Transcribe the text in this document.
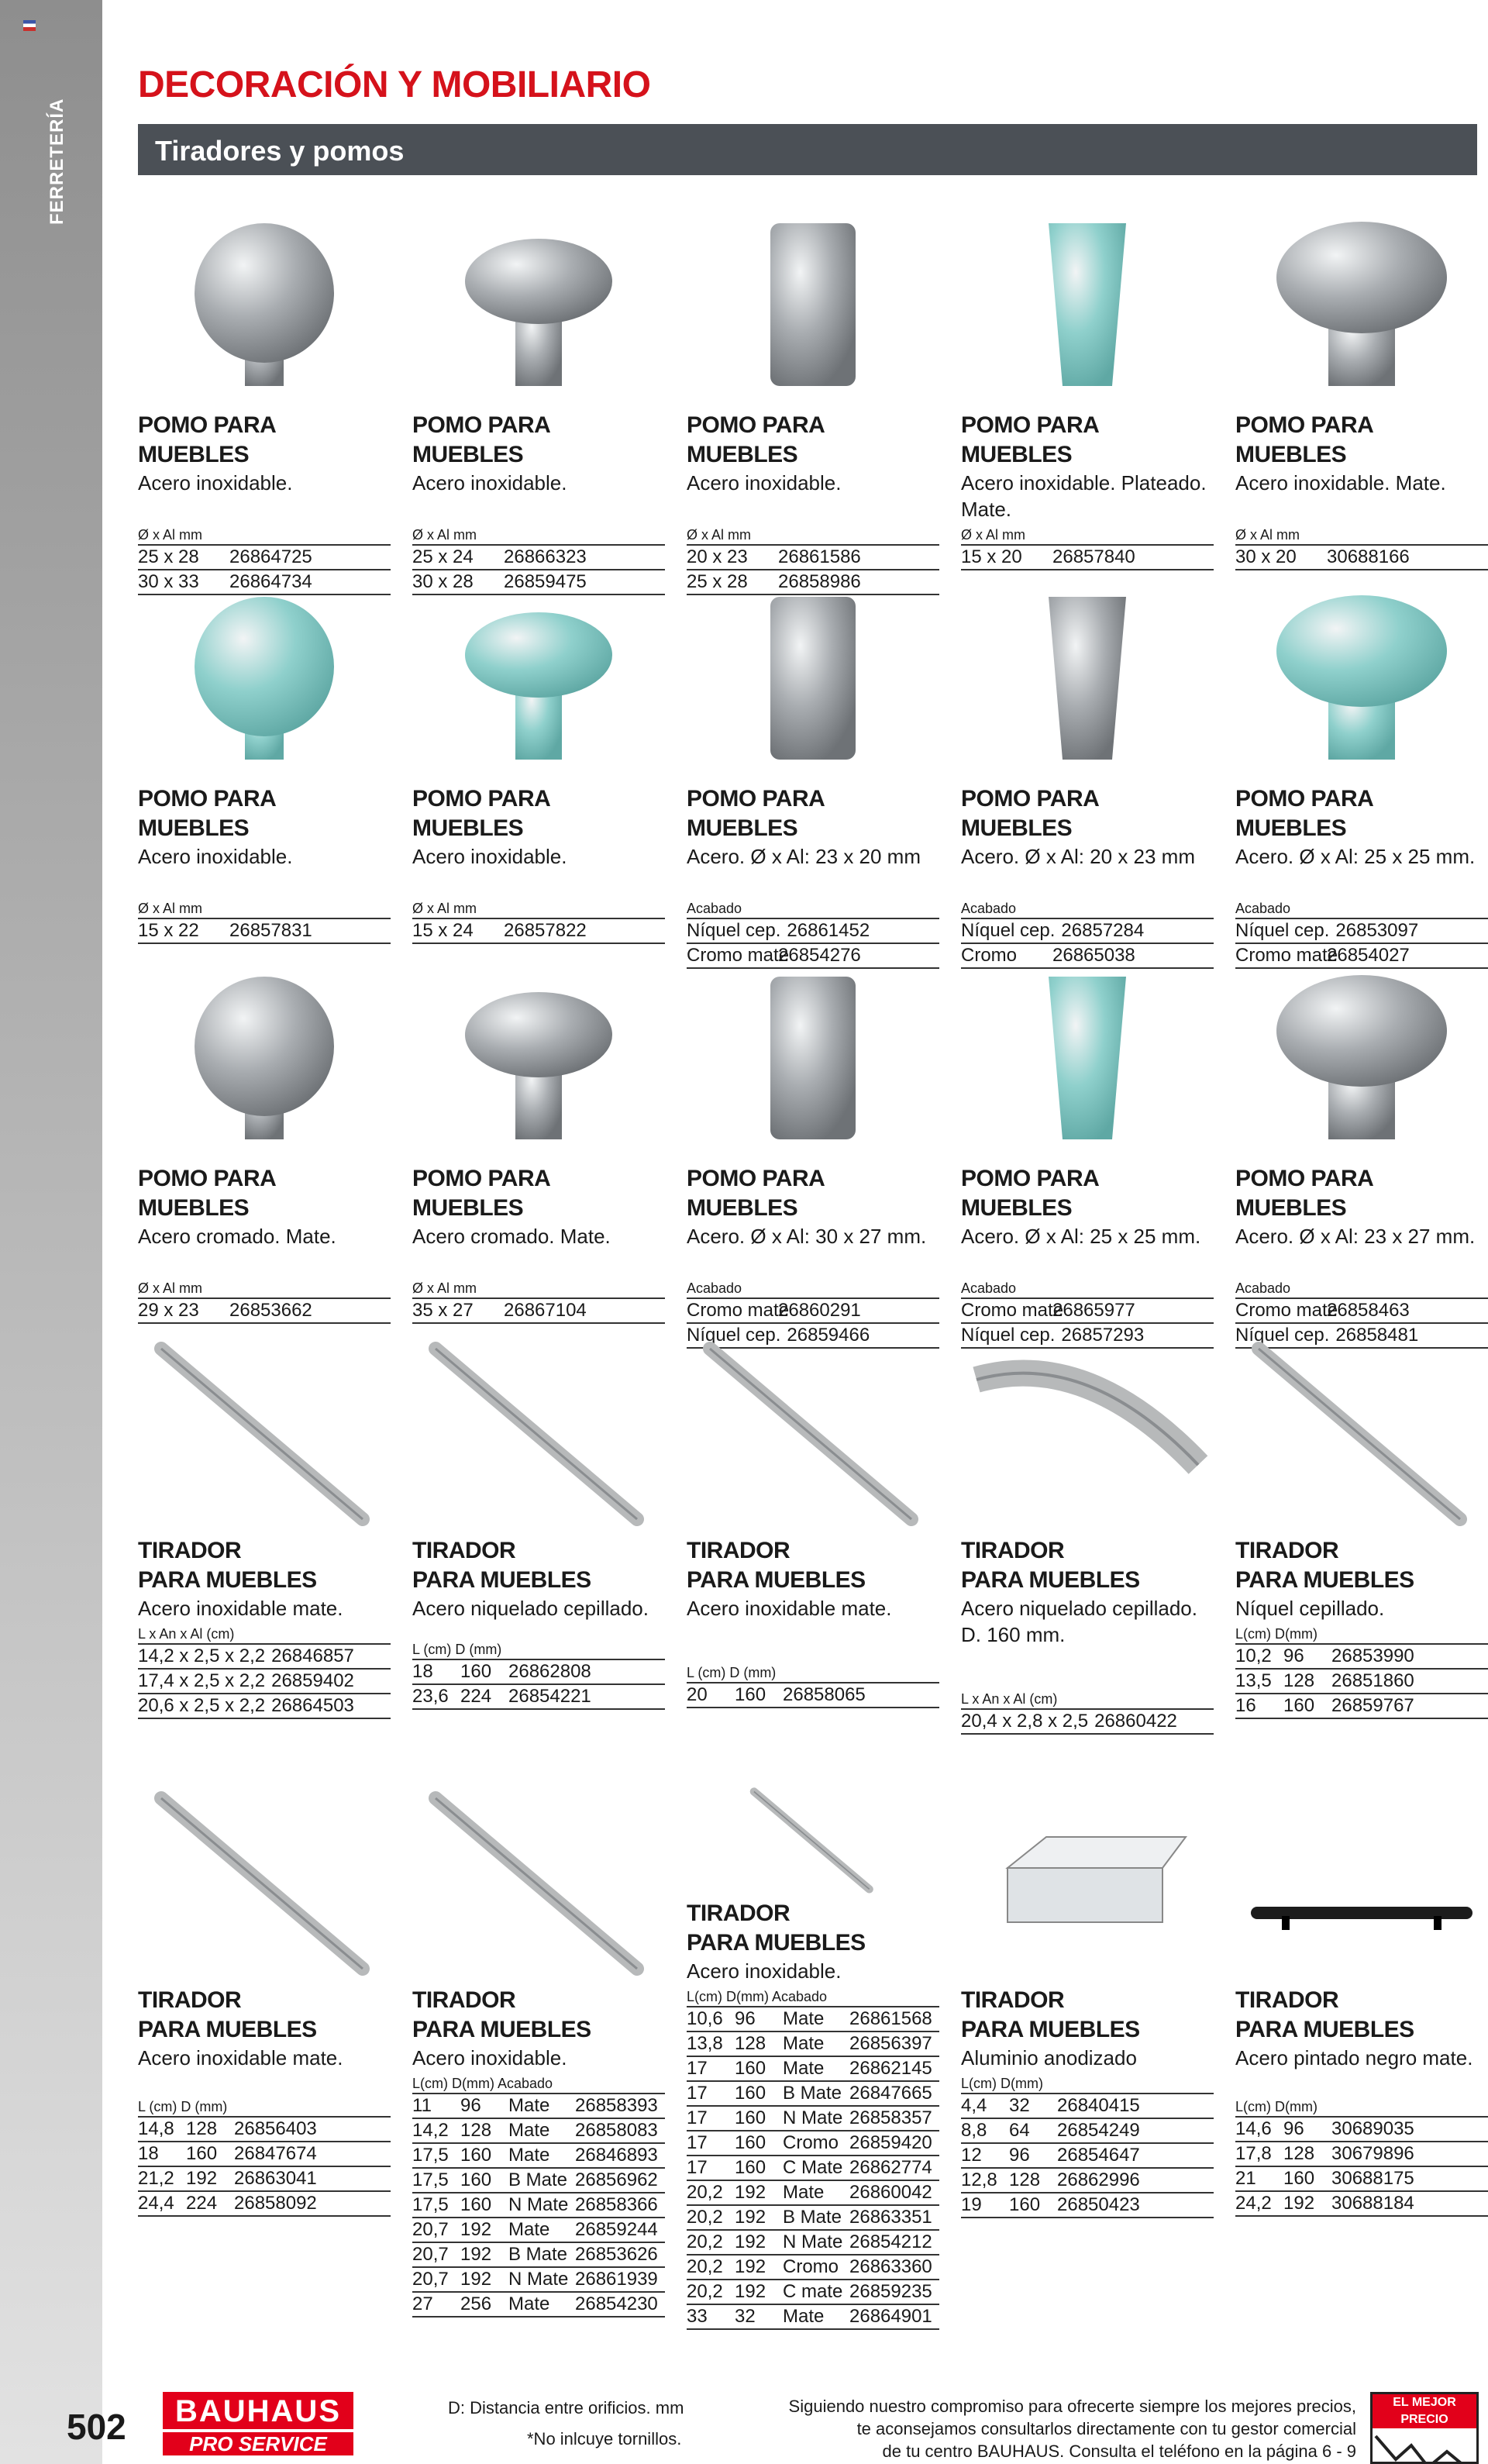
FERRETERÍA
DECORACIÓN Y MOBILIARIO
Tiradores y pomos
POMO PARA MUEBLES
Acero inoxidable.
Ø x Al mm
25 x 28 26864725
30 x 33 26864734
POMO PARA MUEBLES
Acero inoxidable.
Ø x Al mm
25 x 24 26866323
30 x 28 26859475
POMO PARA MUEBLES
Acero inoxidable.
Ø x Al mm
20 x 23 26861586
25 x 28 26858986
POMO PARA MUEBLES
Acero inoxidable. Plateado. Mate.
Ø x Al mm
15 x 20 26857840
POMO PARA MUEBLES
Acero inoxidable. Mate.
Ø x Al mm
30 x 20 30688166
POMO PARA MUEBLES
Acero inoxidable.
Ø x Al mm
15 x 22 26857831
POMO PARA MUEBLES
Acero inoxidable.
Ø x Al mm
15 x 24 26857822
POMO PARA MUEBLES
Acero. Ø x Al: 23 x 20 mm
Acabado
Níquel cep. 26861452
Cromo mate26854276
POMO PARA MUEBLES
Acero. Ø x Al: 20 x 23 mm
Acabado
Níquel cep. 26857284
Cromo 26865038
POMO PARA MUEBLES
Acero. Ø x Al: 25 x 25 mm.
Acabado
Níquel cep. 26853097
Cromo mate26854027
POMO PARA MUEBLES
Acero cromado. Mate.
Ø x Al mm
29 x 23 26853662
POMO PARA MUEBLES
Acero cromado. Mate.
Ø x Al mm
35 x 27 26867104
POMO PARA MUEBLES
Acero. Ø x Al: 30 x 27 mm.
Acabado
Cromo mate26860291
Níquel cep. 26859466
POMO PARA MUEBLES
Acero. Ø x Al: 25 x 25 mm.
Acabado
Cromo mate26865977
Níquel cep. 26857293
POMO PARA MUEBLES
Acero. Ø x Al: 23 x 27 mm.
Acabado
Cromo mate26858463
Níquel cep. 26858481
TIRADOR
PARA MUEBLES
Acero inoxidable mate.
L x An x Al (cm)
14,2 x 2,5 x 2,2 26846857
17,4 x 2,5 x 2,2 26859402
20,6 x 2,5 x 2,2 26864503
TIRADOR
PARA MUEBLES
Acero niquelado cepillado.
L (cm) D (mm)
18 160 26862808
23,6 224 26854221
TIRADOR
PARA MUEBLES
Acero inoxidable mate.
L (cm) D (mm)
20 160 26858065
TIRADOR
PARA MUEBLES
Acero niquelado cepillado. D. 160 mm.
L x An x Al (cm)
20,4 x 2,8 x 2,5 26860422
TIRADOR
PARA MUEBLES
Níquel cepillado.
L(cm) D(mm)
10,2 96 26853990
13,5 128 26851860
16 160 26859767
TIRADOR
PARA MUEBLES
Acero inoxidable mate.
L (cm) D (mm)
14,8 128 26856403
18 160 26847674
21,2 192 26863041
24,4 224 26858092
TIRADOR
PARA MUEBLES
Acero inoxidable.
L(cm) D(mm) Acabado
11 96 Mate 26858393
14,2 128 Mate 26858083
17,5 160 Mate 26846893
17,5 160 B Mate 26856962
17,5 160 N Mate 26858366
20,7 192 Mate 26859244
20,7 192 B Mate 26853626
20,7 192 N Mate 26861939
27 256 Mate 26854230
TIRADOR
PARA MUEBLES
Acero inoxidable.
L(cm) D(mm) Acabado
10,6 96 Mate 26861568
13,8 128 Mate 26856397
17 160 Mate 26862145
17 160 B Mate 26847665
17 160 N Mate 26858357
17 160 Cromo 26859420
17 160 C Mate 26862774
20,2 192 Mate 26860042
20,2 192 B Mate 26863351
20,2 192 N Mate 26854212
20,2 192 Cromo 26863360
20,2 192 C mate 26859235
33 32 Mate 26864901
TIRADOR
PARA MUEBLES
Aluminio anodizado
L(cm) D(mm)
4,4 32 26840415
8,8 64 26854249
12 96 26854647
12,8 128 26862996
19 160 26850423
TIRADOR
PARA MUEBLES
Acero pintado negro mate.
L(cm) D(mm)
14,6 96 30689035
17,8 128 30679896
21 160 30688175
24,2 192 30688184
502	BAUHAUS
PRO SERVICE
D: Distancia entre orificios. mm
*No inlcuye tornillos.
Siguiendo nuestro compromiso para ofrecerte siempre los mejores precios,
te aconsejamos consultarlos directamente con tu gestor comercial
de tu centro BAUHAUS. Consulta el teléfono en la página 6 - 9
EL MEJOR PRECIO
